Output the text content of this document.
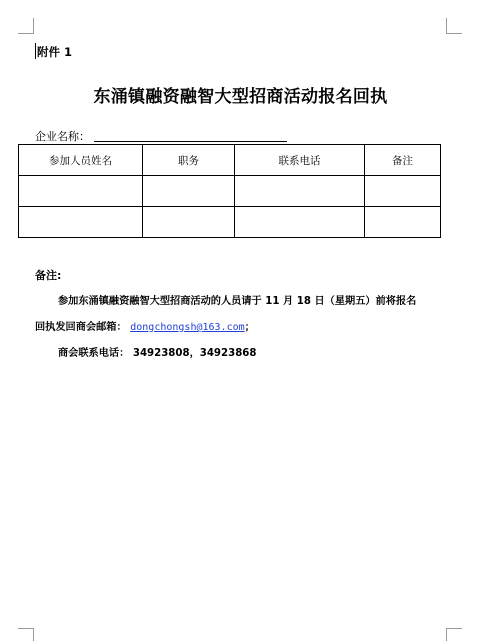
附件 1
东涌镇融资融智大型招商活动报名回执
企业名称：
参加人员姓名	职务	联系电话	备注

备注:
参加东涌镇融资融智大型招商活动的人员请于 11 月 18 日（星期五）前将报名
回执发回商会邮箱： dongchongsh@163.com；
商会联系电话： 34923808，34923868
